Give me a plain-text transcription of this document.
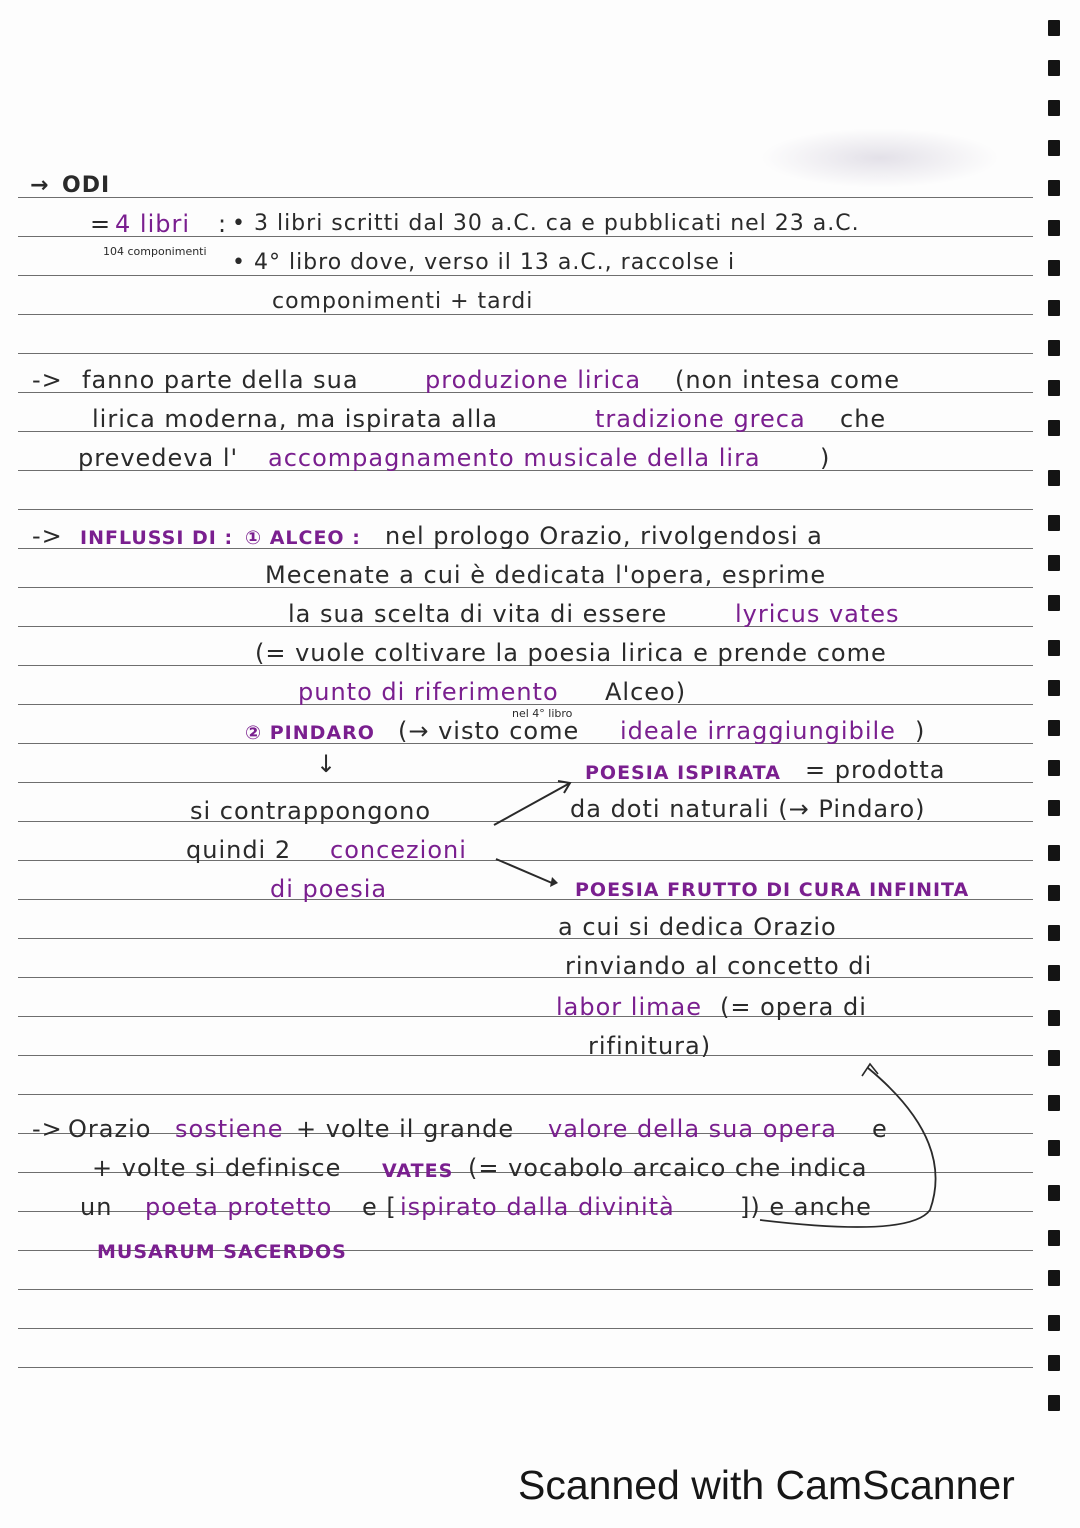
→ ODI
= 4 libri :
104 componimenti
• 3 libri scritti dal 30 a.C. ca e pubblicati nel 23 a.C.
• 4° libro dove, verso il 13 a.C., raccolse i
componimenti + tardi
-> fanno parte della sua	produzione lirica (non intesa come
lirica moderna, ma ispirata alla	tradizione greca che
prevedeva l' accompagnamento musicale della lira )
-> INFLUSSI DI : ① ALCEO : nel prologo Orazio, rivolgendosi a
Mecenate a cui è dedicata l'opera, esprime
la sua scelta di vita di essere	lyricus vates
(= vuole coltivare la poesia lirica e prende come
punto di riferimento Alceo)
nel 4° libro
② PINDARO (→ visto come ideale irraggiungibile )
↓
si contrappongono
quindi 2 concezioni
di poesia
POESIA ISPIRATA = prodotta
da doti naturali (→ Pindaro)
POESIA FRUTTO DI CURA INFINITA
a cui si dedica Orazio
rinviando al concetto di
labor limae (= opera di
rifinitura)
-> Orazio sostiene + volte il grande valore della sua opera e
+ volte si definisce VATES (= vocabolo arcaico che indica
un poeta protetto e [ ispirato dalla divinità	]) e anche
MUSARUM SACERDOS
Scanned with CamScanner
